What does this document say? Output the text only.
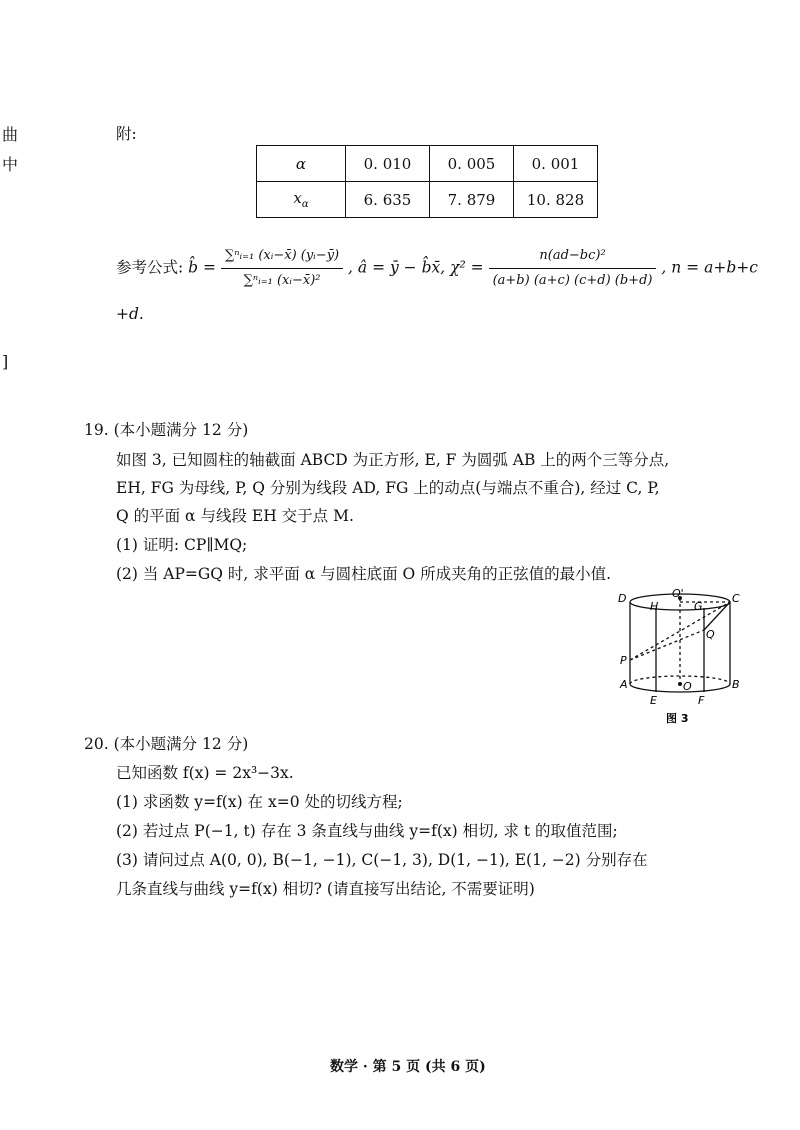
曲
中
]
附:
α	0. 010	0. 005	0. 001
$x_\alpha$	6. 635	7. 879	10. 828
参考公式: b̂ = $\frac{\text{∑ⁿᵢ₌₁ (xᵢ−x̄) (yᵢ−ȳ)}}{\text{∑ⁿᵢ₌₁ (xᵢ−x̄)²}}$ , â = ȳ − b̂x̄, $\chi^2 = \frac{\text{n(ad−bc)²}}{(a+b) (a+c) (c+d) (b+d)}$ , n = a+b+c
+d.
19. (本小题满分 12 分)
如图 3, 已知圆柱的轴截面 ABCD 为正方形, E, F 为圆弧 AB 上的两个三等分点,
EH, FG 为母线, P, Q 分别为线段 AD, FG 上的动点(与端点不重合), 经过 C, P,
Q 的平面 α 与线段 EH 交于点 M.
(1) 证明: CP∥MQ;
(2) 当 AP=GQ 时, 求平面 α 与圆柱底面 O 所成夹角的正弦值的最小值.
D
H
O'
G
C
Q
P
A	O	B
E	F
图 3
20. (本小题满分 12 分)
已知函数 f(x) = 2x³−3x.
(1) 求函数 y=f(x) 在 x=0 处的切线方程;
(2) 若过点 P(−1, t) 存在 3 条直线与曲线 y=f(x) 相切, 求 t 的取值范围;
(3) 请问过点 A(0, 0), B(−1, −1), C(−1, 3), D(1, −1), E(1, −2) 分别存在
几条直线与曲线 y=f(x) 相切? (请直接写出结论, 不需要证明)
数学 · 第 5 页 (共 6 页)
